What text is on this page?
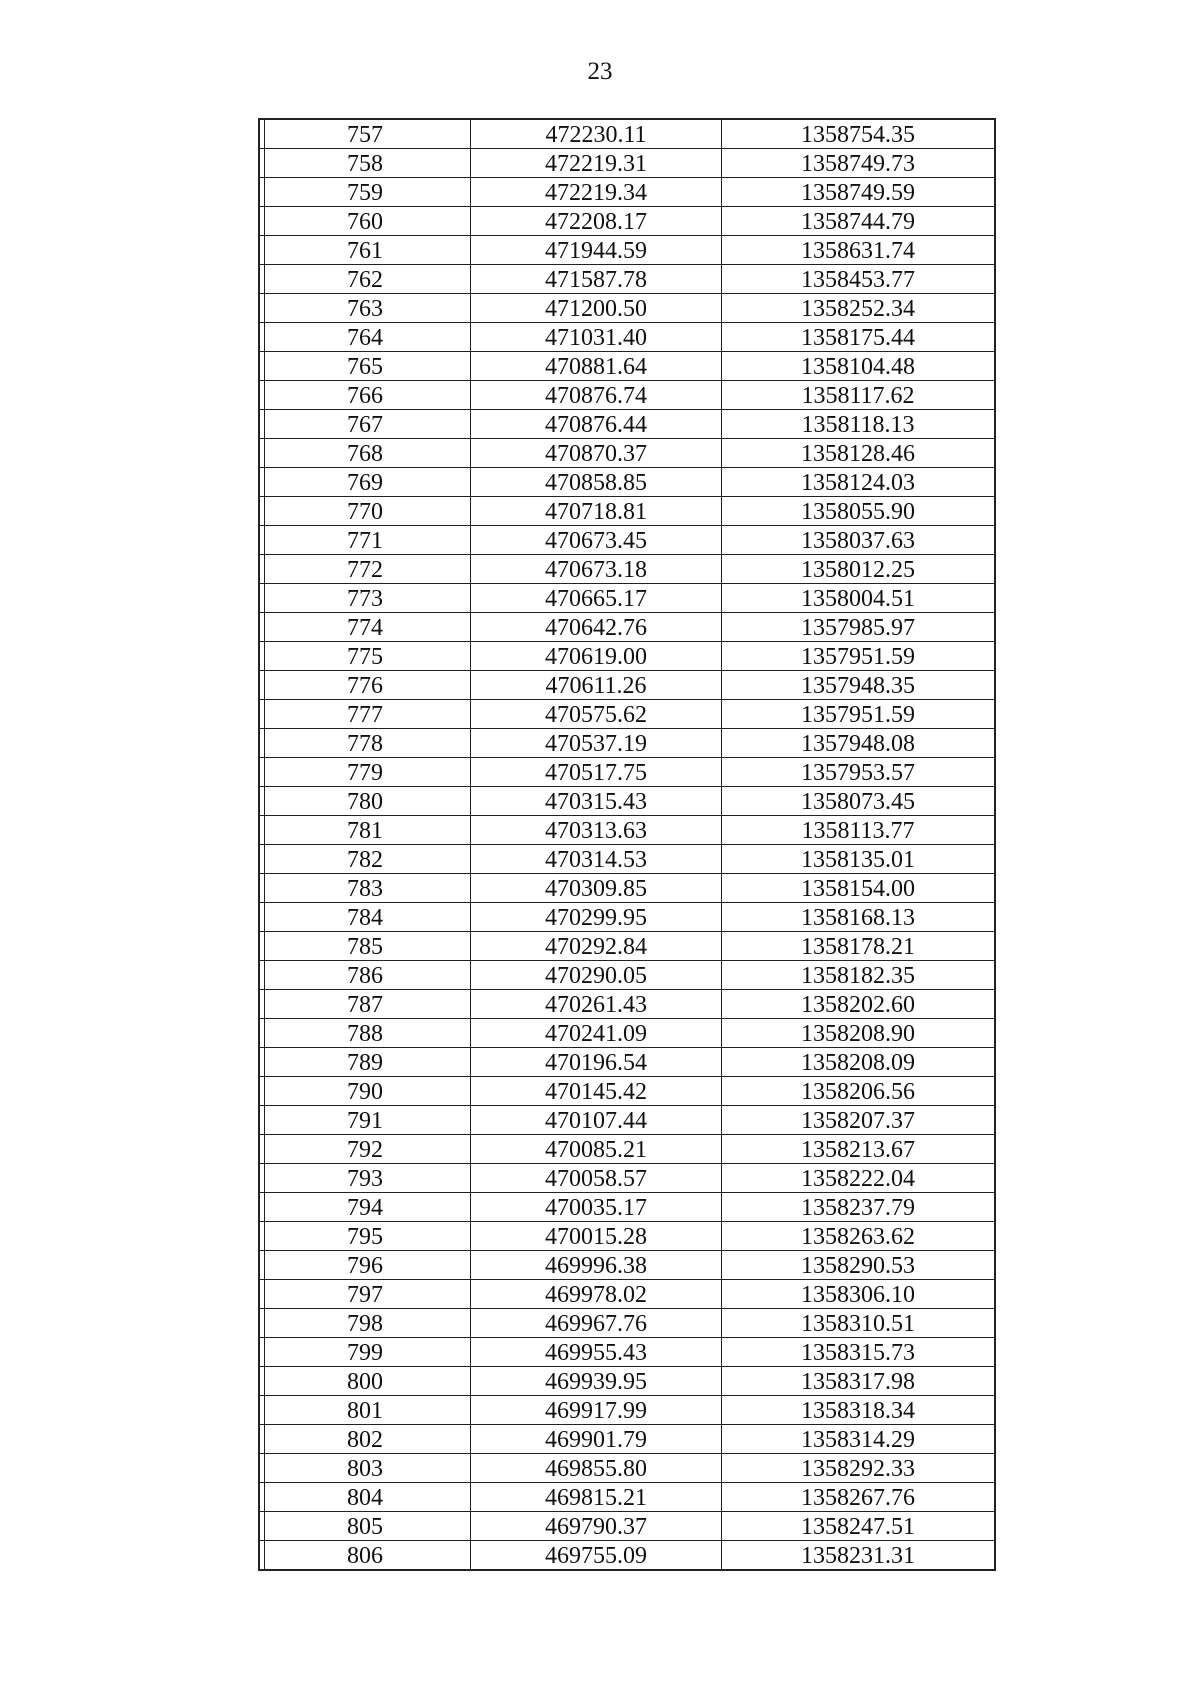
23
757	472230.11	1358754.35
758	472219.31	1358749.73
759	472219.34	1358749.59
760	472208.17	1358744.79
761	471944.59	1358631.74
762	471587.78	1358453.77
763	471200.50	1358252.34
764	471031.40	1358175.44
765	470881.64	1358104.48
766	470876.74	1358117.62
767	470876.44	1358118.13
768	470870.37	1358128.46
769	470858.85	1358124.03
770	470718.81	1358055.90
771	470673.45	1358037.63
772	470673.18	1358012.25
773	470665.17	1358004.51
774	470642.76	1357985.97
775	470619.00	1357951.59
776	470611.26	1357948.35
777	470575.62	1357951.59
778	470537.19	1357948.08
779	470517.75	1357953.57
780	470315.43	1358073.45
781	470313.63	1358113.77
782	470314.53	1358135.01
783	470309.85	1358154.00
784	470299.95	1358168.13
785	470292.84	1358178.21
786	470290.05	1358182.35
787	470261.43	1358202.60
788	470241.09	1358208.90
789	470196.54	1358208.09
790	470145.42	1358206.56
791	470107.44	1358207.37
792	470085.21	1358213.67
793	470058.57	1358222.04
794	470035.17	1358237.79
795	470015.28	1358263.62
796	469996.38	1358290.53
797	469978.02	1358306.10
798	469967.76	1358310.51
799	469955.43	1358315.73
800	469939.95	1358317.98
801	469917.99	1358318.34
802	469901.79	1358314.29
803	469855.80	1358292.33
804	469815.21	1358267.76
805	469790.37	1358247.51
806	469755.09	1358231.31
